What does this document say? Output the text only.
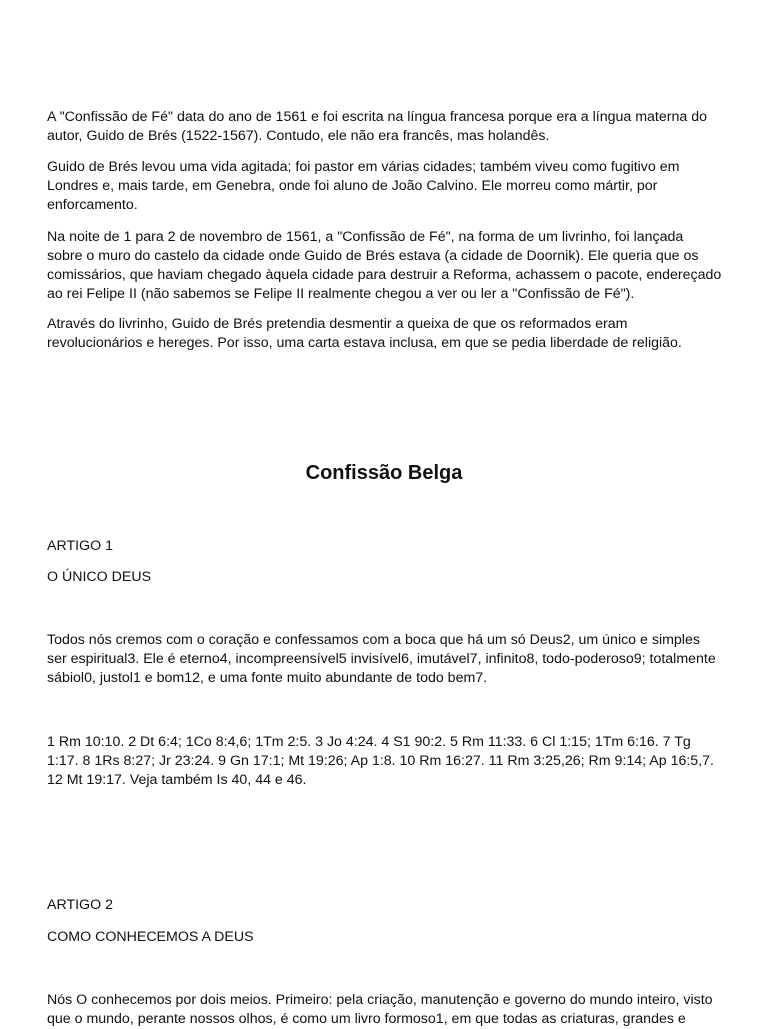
A "Confissão de Fé" data do ano de 1561 e foi escrita na língua francesa porque era a língua materna do
autor, Guido de Brés (1522-1567). Contudo, ele não era francês, mas holandês.

Guido de Brés levou uma vida agitada; foi pastor em várias cidades; também viveu como fugitivo em
Londres e, mais tarde, em Genebra, onde foi aluno de João Calvino. Ele morreu como mártir, por
enforcamento.

Na noite de 1 para 2 de novembro de 1561, a "Confissão de Fé", na forma de um livrinho, foi lançada
sobre o muro do castelo da cidade onde Guido de Brés estava (a cidade de Doornik). Ele queria que os
comissários, que haviam chegado àquela cidade para destruir a Reforma, achassem o pacote, endereçado
ao rei Felipe II (não sabemos se Felipe II realmente chegou a ver ou ler a "Confissão de Fé").

Através do livrinho, Guido de Brés pretendia desmentir a queixa de que os reformados eram
revolucionários e hereges. Por isso, uma carta estava inclusa, em que se pedia liberdade de religião.

Confissão Belga

ARTIGO 1

O ÚNICO DEUS

Todos nós cremos com o coração e confessamos com a boca que há um só Deus2, um único e simples
ser espiritual3. Ele é eterno4, incompreensível5 invisível6, imutável7, infinito8, todo-poderoso9; totalmente
sábiol0, justol1 e bom12, e uma fonte muito abundante de todo bem7.

1 Rm 10:10. 2 Dt 6:4; 1Co 8:4,6; 1Tm 2:5. 3 Jo 4:24. 4 S1 90:2. 5 Rm 11:33. 6 Cl 1:15; 1Tm 6:16. 7 Tg
1:17. 8 1Rs 8:27; Jr 23:24. 9 Gn 17:1; Mt 19:26; Ap 1:8. 10 Rm 16:27. 11 Rm 3:25,26; Rm 9:14; Ap 16:5,7.
12 Mt 19:17. Veja também Is 40, 44 e 46.

ARTIGO 2

COMO CONHECEMOS A DEUS

Nós O conhecemos por dois meios. Primeiro: pela criação, manutenção e governo do mundo inteiro, visto
que o mundo, perante nossos olhos, é como um livro formoso1, em que todas as criaturas, grandes e
